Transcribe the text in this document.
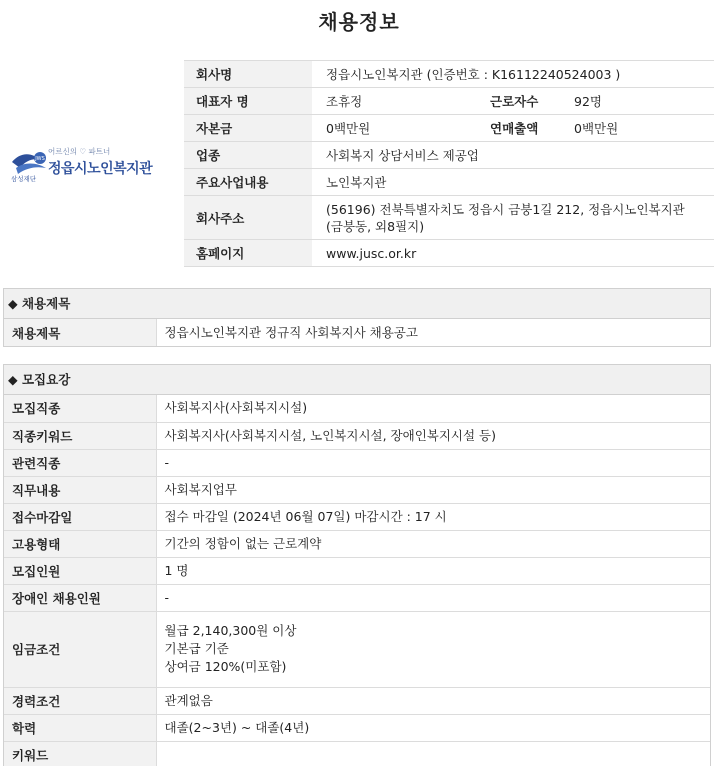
채용정보
JWS
어르신의 ♡ 파트너
정읍시노인복지관
삼성재단
회사명	정읍시노인복지관 (인증번호 : K16112240524003 )		
대표자 명	조휴정	근로자수	92명
자본금	0백만원	연매출액	0백만원
업종	사회복지 상담서비스 제공업		
주요사업내용	노인복지관		
회사주소	(56196) 전북특별자치도 정읍시 금붕1길 212, 정읍시노인복지관 (금붕동, 외8필지)		
홈페이지	www.jusc.or.kr		
◆ 채용제목
채용제목	정읍시노인복지관 정규직 사회복지사 채용공고
◆ 모집요강
모집직종	사회복지사(사회복지시설)
직종키워드	사회복지사(사회복지시설, 노인복지시설, 장애인복지시설 등)
관련직종	-
직무내용	사회복지업무
접수마감일	접수 마감일 (2024년 06월 07일) 마감시간 : 17 시
고용형태	기간의 정함이 없는 근로계약
모집인원	1 명
장애인 채용인원	-
임금조건	월급 2,140,300원 이상
기본급 기준
상여금 120%(미포함)

경력조건	관계없음
학력	대졸(2~3년) ~ 대졸(4년)
키워드	
